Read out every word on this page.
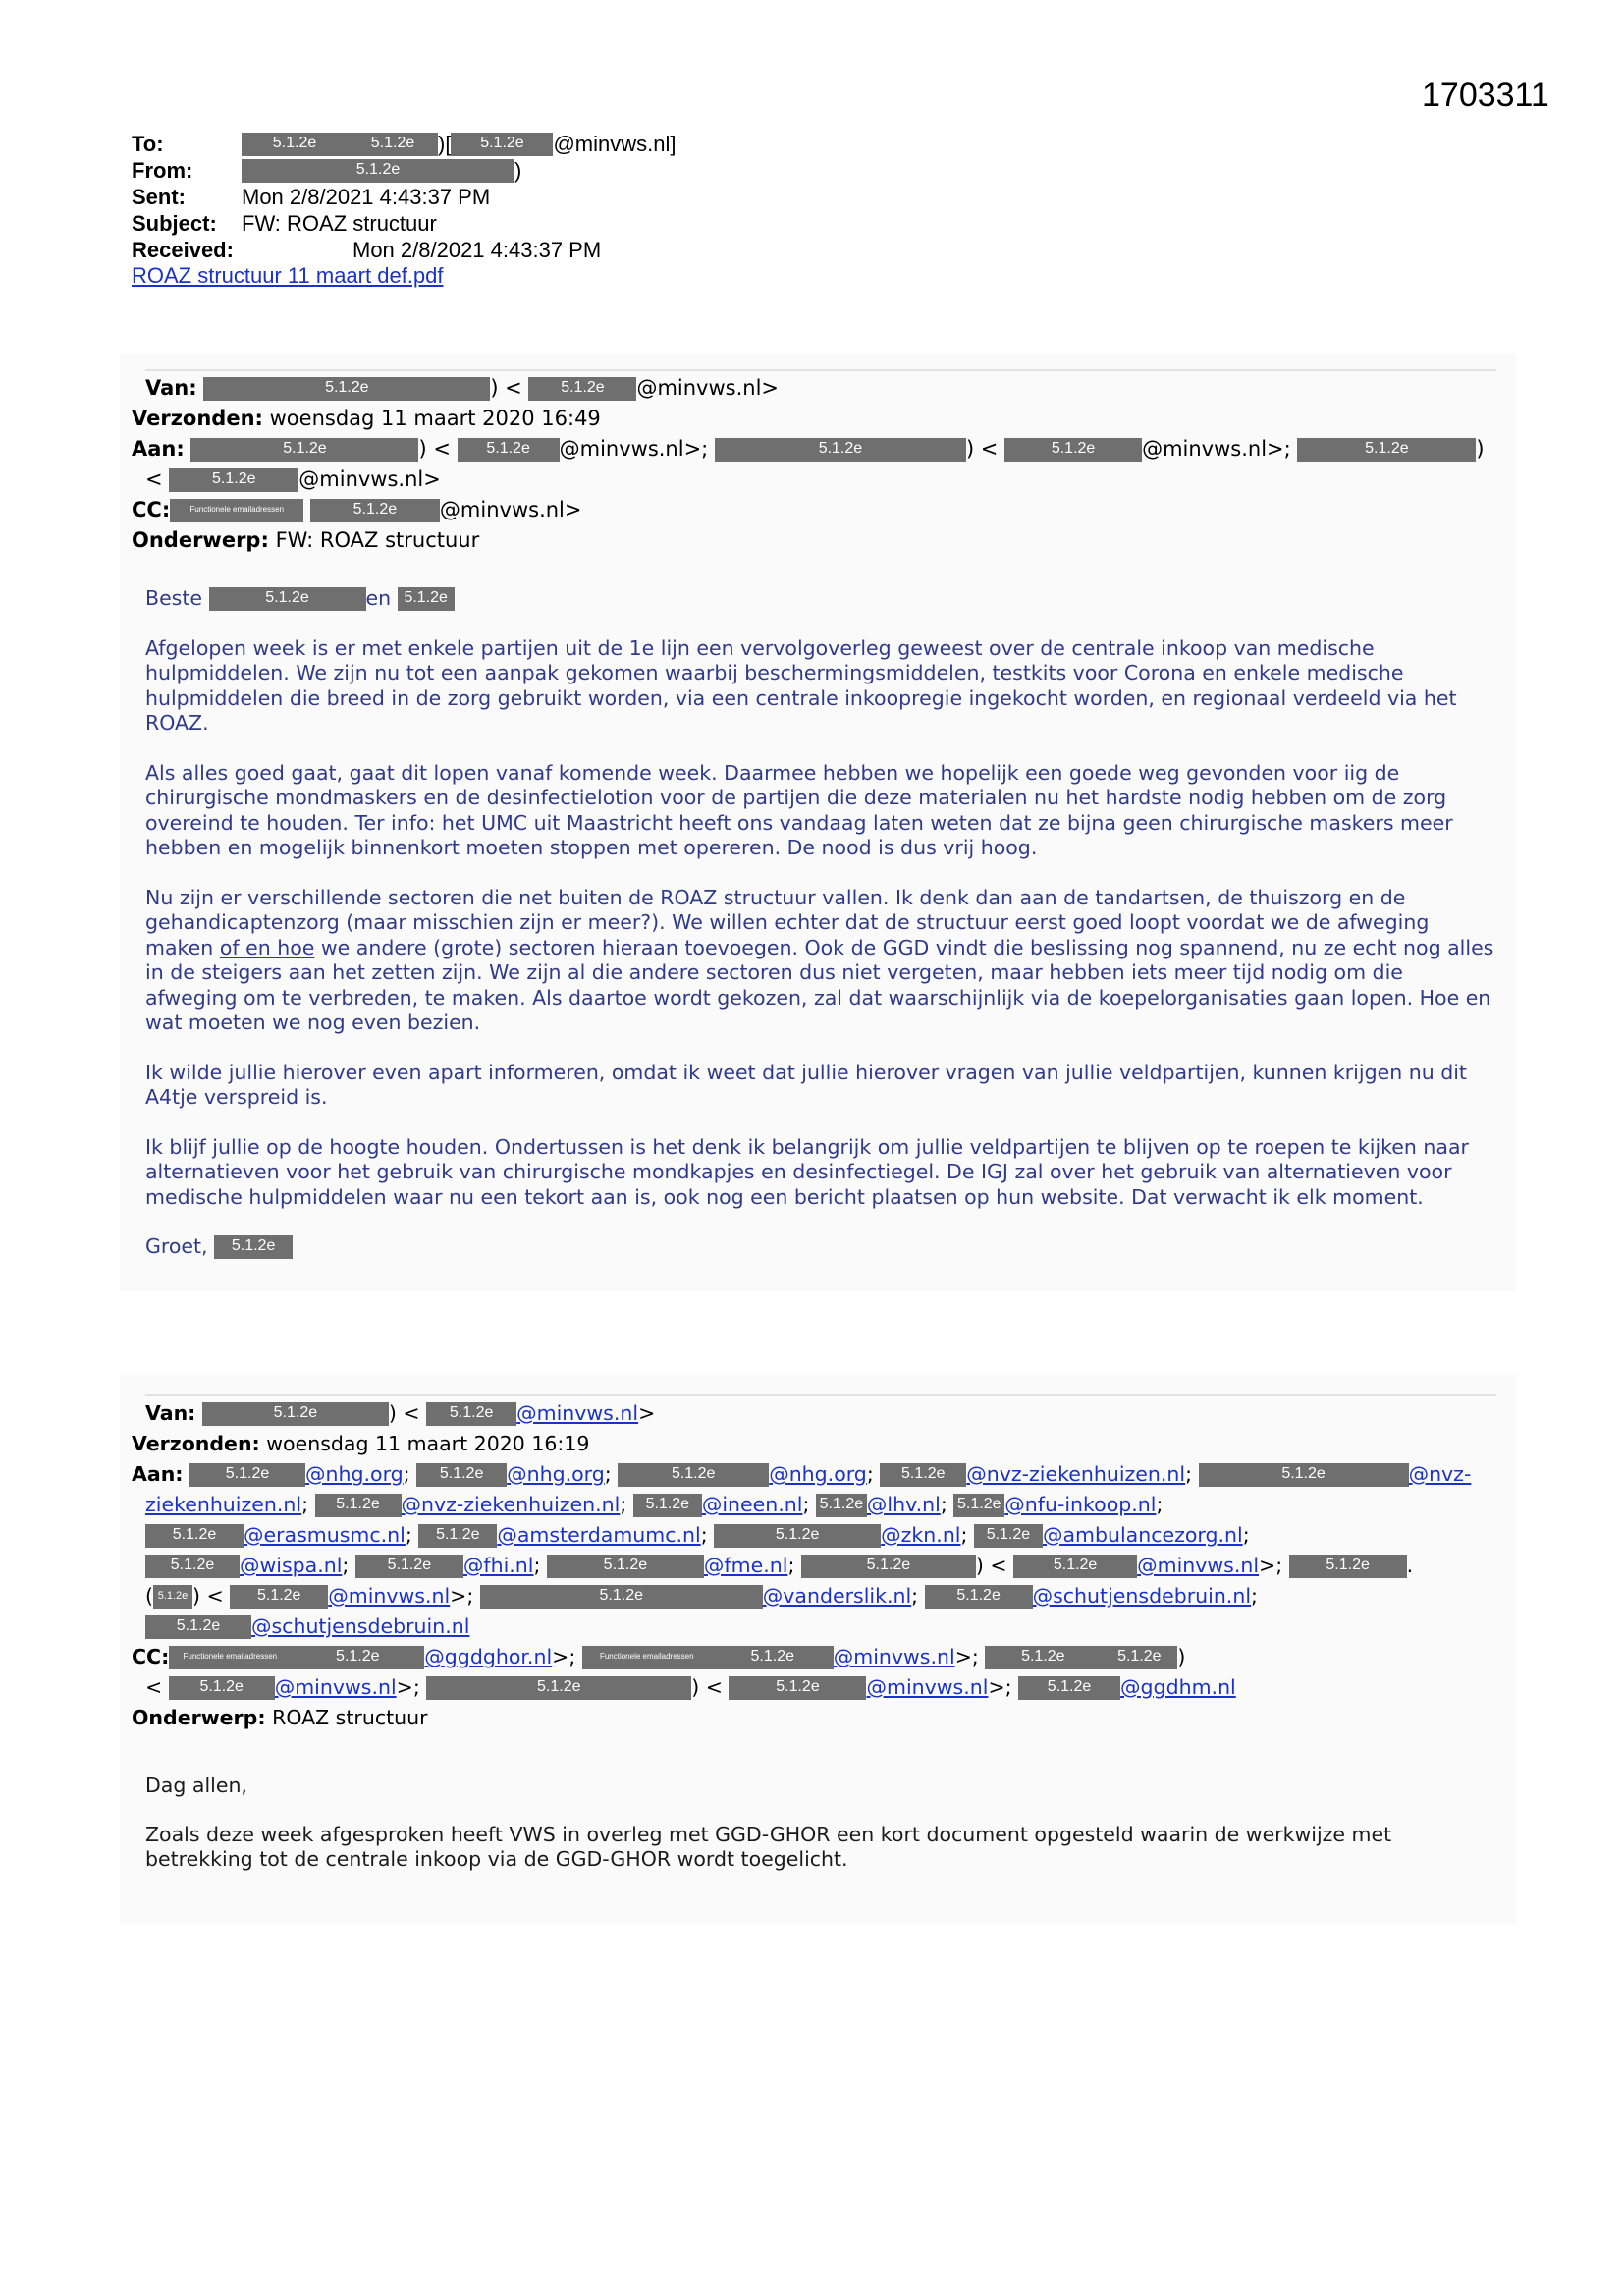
1703311
To:	5.1.2e	5.1.2e	)[	5.1.2e	@minvws.nl]
From:	5.1.2e	)
Sent:	Mon 2/8/2021 4:43:37 PM
Subject:	FW: ROAZ structuur
Received:	Mon 2/8/2021 4:43:37 PM
ROAZ structuur 11 maart def.pdf
Van:	5.1.2e	) < 5.1.2e @minvws.nl>
Verzonden: woensdag 11 maart 2020 16:49
Aan:	5.1.2e	) < 5.1.2e @minvws.nl>;	5.1.2e	) <	5.1.2e @minvws.nl>;	5.1.2e	)
<	5.1.2e @minvws.nl>
CC:	Functionele emailadressen	5.1.2e @minvws.nl>
Onderwerp: FW: ROAZ structuur

Beste	5.1.2e	en 5.1.2e

Afgelopen week is er met enkele partijen uit de 1e lijn een vervolgoverleg geweest over de centrale inkoop van medische hulpmiddelen. We zijn nu tot een aanpak gekomen waarbij beschermingsmiddelen, testkits voor Corona en enkele medische hulpmiddelen die breed in de zorg gebruikt worden, via een centrale inkoopregie ingekocht worden, en regionaal verdeeld via het ROAZ.

Als alles goed gaat, gaat dit lopen vanaf komende week. Daarmee hebben we hopelijk een goede weg gevonden voor iig de chirurgische mondmaskers en de desinfectielotion voor de partijen die deze materialen nu het hardste nodig hebben om de zorg overeind te houden. Ter info: het UMC uit Maastricht heeft ons vandaag laten weten dat ze bijna geen chirurgische maskers meer hebben en mogelijk binnenkort moeten stoppen met opereren. De nood is dus vrij hoog.

Nu zijn er verschillende sectoren die net buiten de ROAZ structuur vallen. Ik denk dan aan de tandartsen, de thuiszorg en de gehandicaptenzorg (maar misschien zijn er meer?). We willen echter dat de structuur eerst goed loopt voordat we de afweging maken of en hoe we andere (grote) sectoren hieraan toevoegen. Ook de GGD vindt die beslissing nog spannend, nu ze echt nog alles in de steigers aan het zetten zijn. We zijn al die andere sectoren dus niet vergeten, maar hebben iets meer tijd nodig om die afweging om te verbreden, te maken. Als daartoe wordt gekozen, zal dat waarschijnlijk via de koepelorganisaties gaan lopen. Hoe en wat moeten we nog even bezien.

Ik wilde jullie hierover even apart informeren, omdat ik weet dat jullie hierover vragen van jullie veldpartijen, kunnen krijgen nu dit A4tje verspreid is.

Ik blijf jullie op de hoogte houden. Ondertussen is het denk ik belangrijk om jullie veldpartijen te blijven op te roepen te kijken naar alternatieven voor het gebruik van chirurgische mondkapjes en desinfectiegel. De IGJ zal over het gebruik van alternatieven voor medische hulpmiddelen waar nu een tekort aan is, ook nog een bericht plaatsen op hun website. Dat verwacht ik elk moment.

Groet, 5.1.2e

Van:	5.1.2e	) < 5.1.2e @minvws.nl>
Verzonden: woensdag 11 maart 2020 16:19
Aan:	5.1.2e @nhg.org; 5.1.2e @nhg.org;	5.1.2e	@nhg.org; 5.1.2e @nvz-ziekenhuizen.nl;	5.1.2e	@nvz-
ziekenhuizen.nl; 5.1.2e @nvz-ziekenhuizen.nl; 5.1.2e @ineen.nl; 5.1.2e @lhv.nl; 5.1.2e @nfu-inkoop.nl;
5.1.2e @erasmusmc.nl; 5.1.2e @amsterdamumc.nl;	5.1.2e	@zkn.nl; 5.1.2e @ambulancezorg.nl;
5.1.2e @wispa.nl; 5.1.2e @fhi.nl;	5.1.2e	@fme.nl;	5.1.2e	) <	5.1.2e @minvws.nl>; 5.1.2e .
( 5.1.2e ) < 5.1.2e @minvws.nl>;	5.1.2e	@vanderslik.nl; 5.1.2e @schutjensdebruin.nl;
5.1.2e @schutjensdebruin.nl
CC: Functionele emailadressen	5.1.2e @ggdghor.nl>; Functionele emailadressen	5.1.2e @minvws.nl>; 5.1.2e	5.1.2e )
< 5.1.2e @minvws.nl>;	5.1.2e	) <	5.1.2e @minvws.nl>; 5.1.2e @ggdhm.nl
Onderwerp: ROAZ structuur

Dag allen,

Zoals deze week afgesproken heeft VWS in overleg met GGD-GHOR een kort document opgesteld waarin de werkwijze met betrekking tot de centrale inkoop via de GGD-GHOR wordt toegelicht.
